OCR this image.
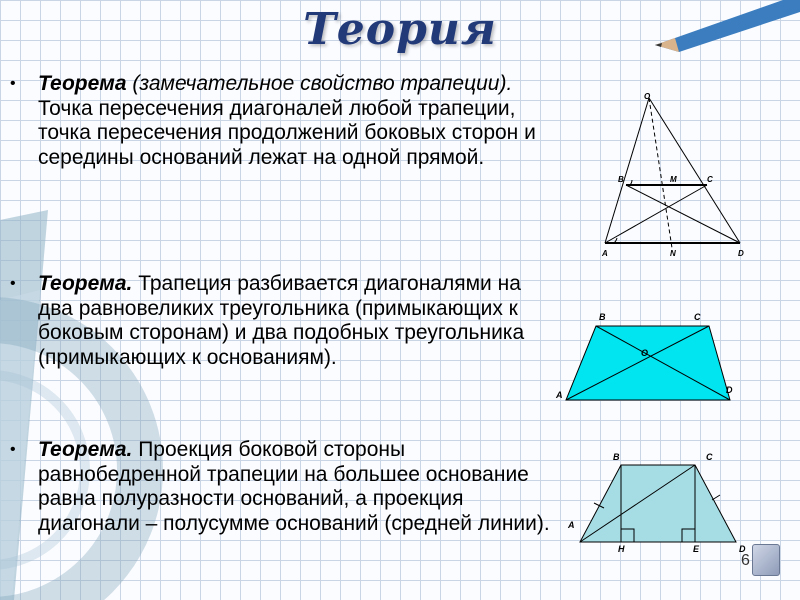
Теория
• Теорема (замечательное свойство трапеции). Точка пересечения диагоналей любой трапеции, точка пересечения продолжений боковых сторон и середины оснований лежат на одной прямой.
• Теорема. Трапеция разбивается диагоналями на два равновеликих треугольника (примыкающих к боковым сторонам) и два подобных треугольника (примыкающих к основаниям).
• Теорема. Проекция боковой стороны равнобедренной трапеции на большее основание равна полуразности оснований, а проекция диагонали – полусумме оснований (средней линии).
O
B	M	C
A	N	D
B	C
O
A	D
B	C
A
H	E	D
6
